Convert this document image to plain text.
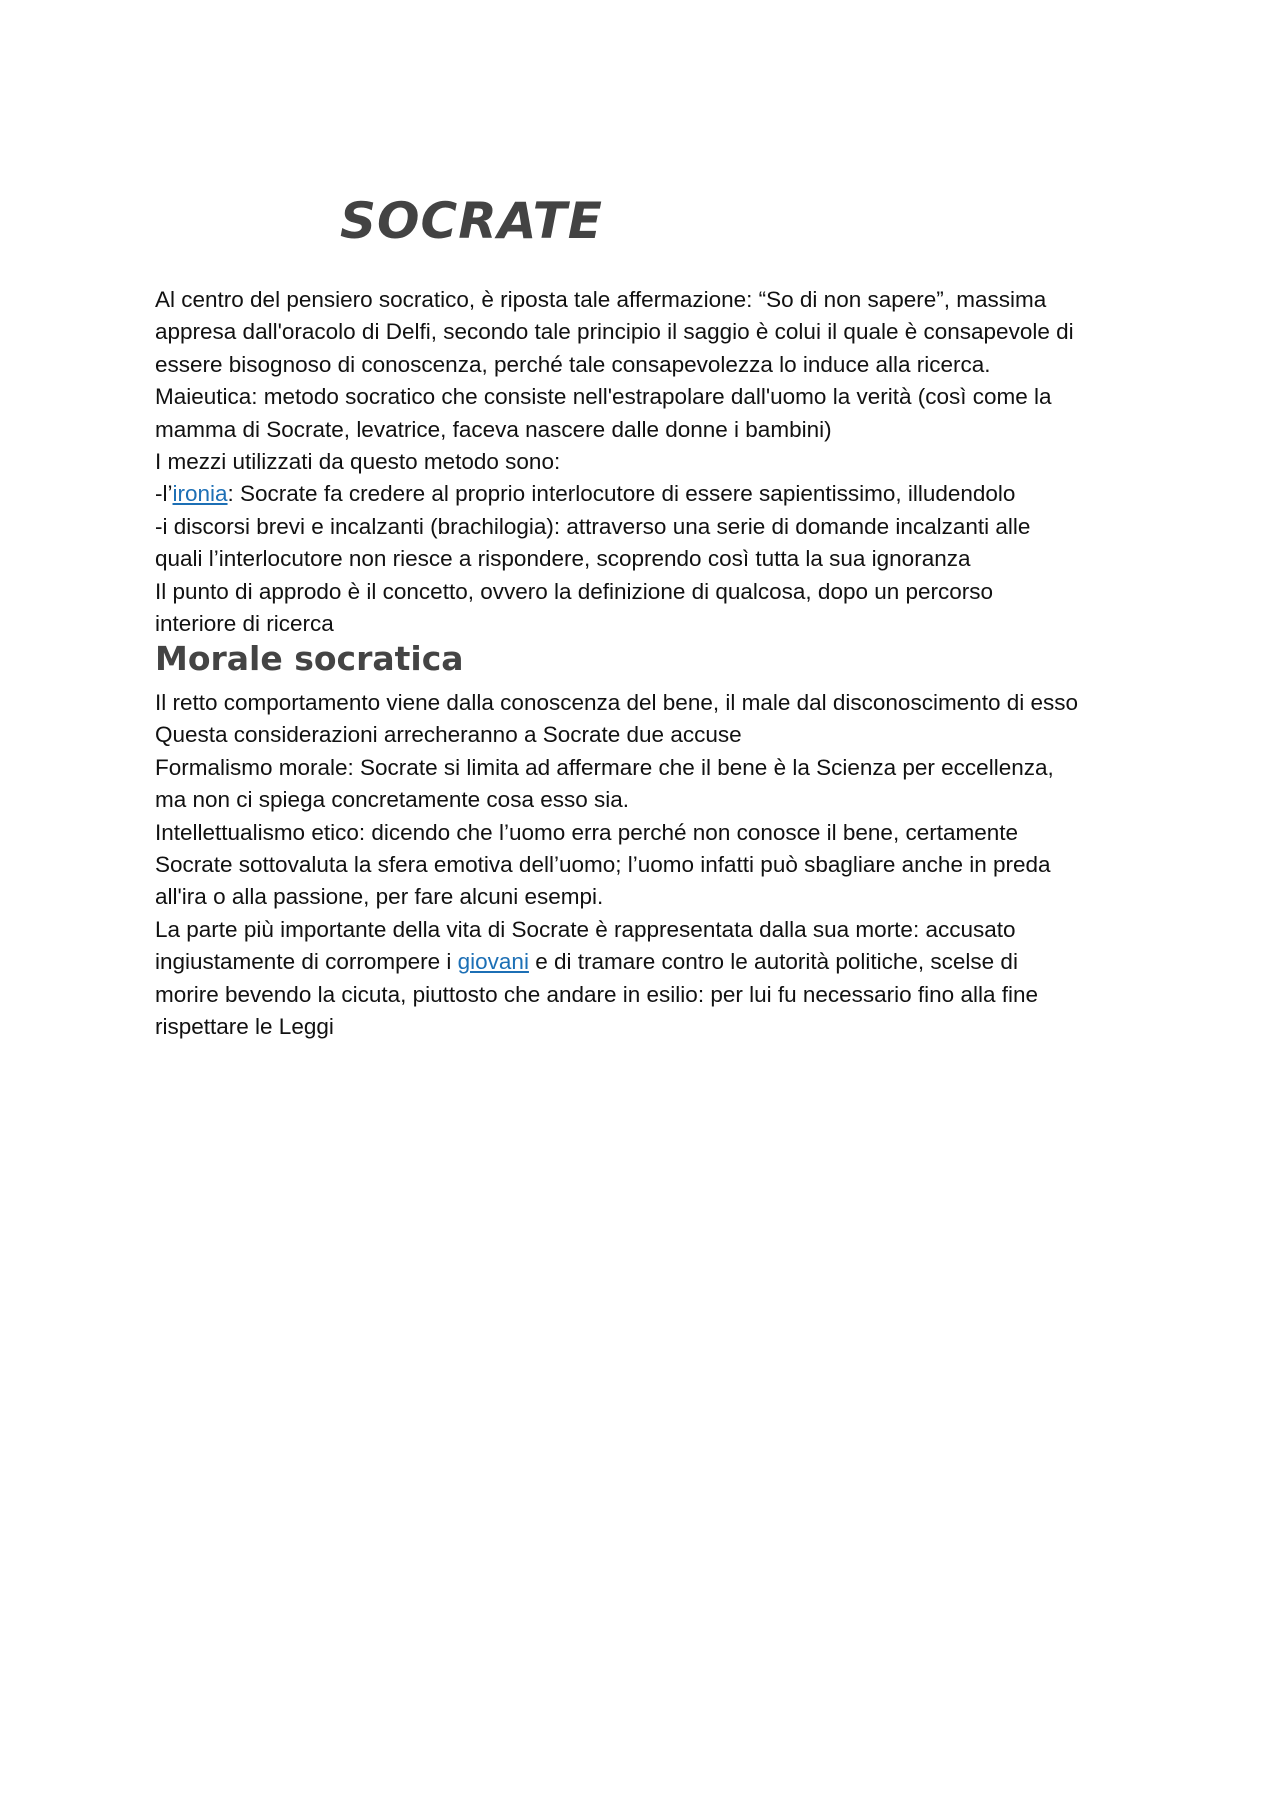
SOCRATE
Al centro del pensiero socratico, è riposta tale affermazione: “So di non sapere”, massima
appresa dall'oracolo di Delfi, secondo tale principio il saggio è colui il quale è consapevole di
essere bisognoso di conoscenza, perché tale consapevolezza lo induce alla ricerca.
Maieutica: metodo socratico che consiste nell'estrapolare dall'uomo la verità (così come la
mamma di Socrate, levatrice, faceva nascere dalle donne i bambini)
I mezzi utilizzati da questo metodo sono:
-l’ironia: Socrate fa credere al proprio interlocutore di essere sapientissimo, illudendolo
-i discorsi brevi e incalzanti (brachilogia): attraverso una serie di domande incalzanti alle
quali l’interlocutore non riesce a rispondere, scoprendo così tutta la sua ignoranza
Il punto di approdo è il concetto, ovvero la definizione di qualcosa, dopo un percorso
interiore di ricerca
Morale socratica
Il retto comportamento viene dalla conoscenza del bene, il male dal disconoscimento di esso
Questa considerazioni arrecheranno a Socrate due accuse
Formalismo morale: Socrate si limita ad affermare che il bene è la Scienza per eccellenza,
ma non ci spiega concretamente cosa esso sia.
Intellettualismo etico: dicendo che l’uomo erra perché non conosce il bene, certamente
Socrate sottovaluta la sfera emotiva dell’uomo; l’uomo infatti può sbagliare anche in preda
all'ira o alla passione, per fare alcuni esempi.
La parte più importante della vita di Socrate è rappresentata dalla sua morte: accusato
ingiustamente di corrompere i giovani e di tramare contro le autorità politiche, scelse di
morire bevendo la cicuta, piuttosto che andare in esilio: per lui fu necessario fino alla fine
rispettare le Leggi
